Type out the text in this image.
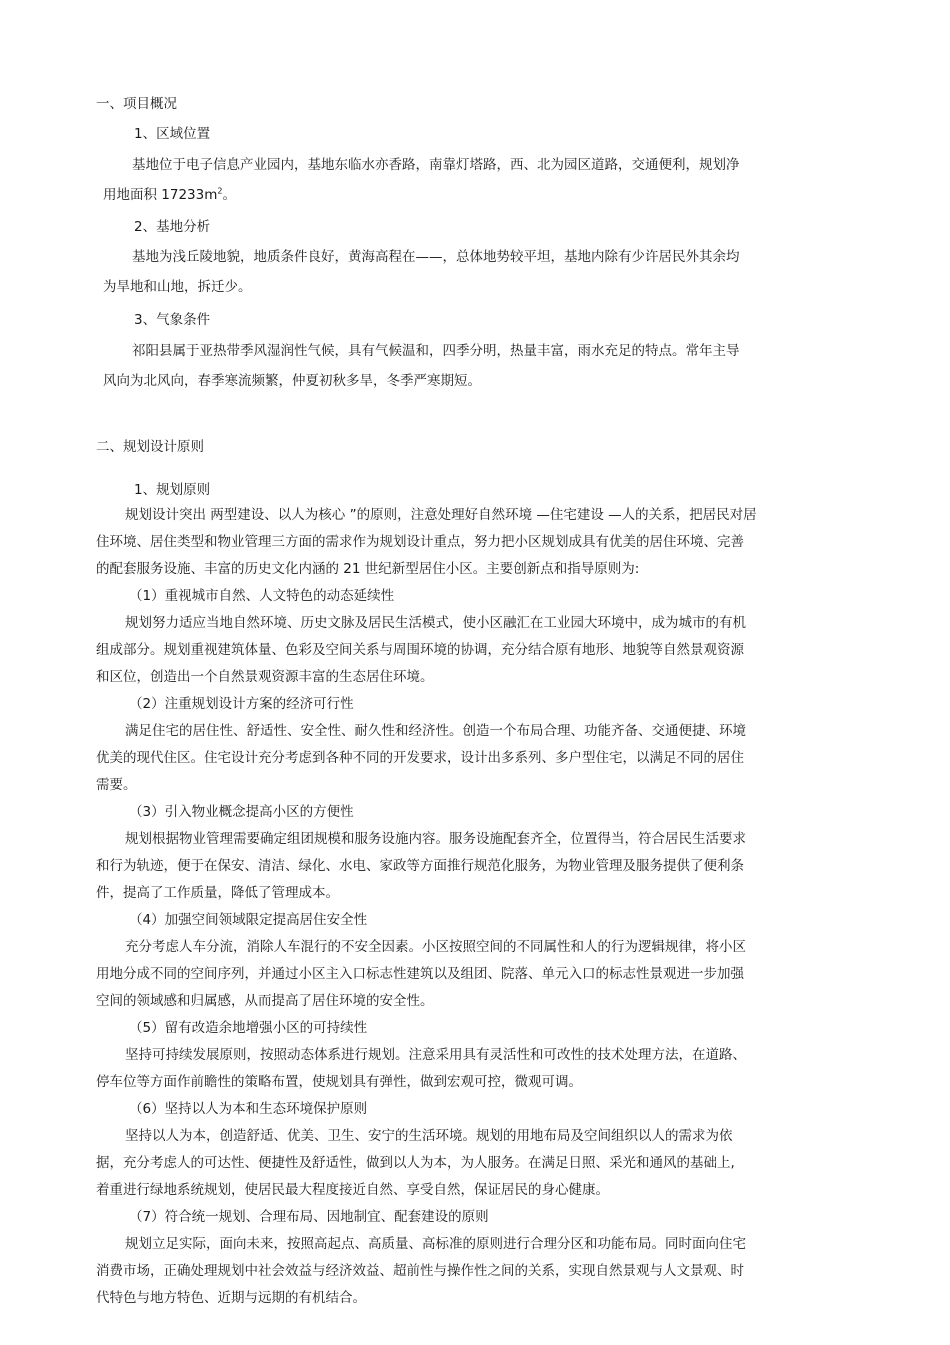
一、项目概况
1、区域位置
基地位于电子信息产业园内，基地东临水亦香路，南靠灯塔路，西、北为园区道路，交通便利，规划净
用地面积 $17233m^2$。
2、基地分析
基地为浅丘陵地貌，地质条件良好，黄海高程在——，总体地势较平坦，基地内除有少许居民外其余均
为旱地和山地，拆迁少。
3、气象条件
祁阳县属于亚热带季风湿润性气候，具有气候温和，四季分明，热量丰富，雨水充足的特点。常年主导
风向为北风向，春季寒流频繁，仲夏初秋多旱，冬季严寒期短。
二、规划设计原则
1、规划原则
规划设计突出 两型建设、以人为核心 ”的原则，注意处理好自然环境 —住宅建设 —人的关系，把居民对居
住环境、居住类型和物业管理三方面的需求作为规划设计重点，努力把小区规划成具有优美的居住环境、完善
的配套服务设施、丰富的历史文化内涵的 21 世纪新型居住小区。主要创新点和指导原则为:
（1）重视城市自然、人文特色的动态延续性
规划努力适应当地自然环境、历史文脉及居民生活模式，使小区融汇在工业园大环境中，成为城市的有机
组成部分。规划重视建筑体量、色彩及空间关系与周围环境的协调，充分结合原有地形、地貌等自然景观资源
和区位，创造出一个自然景观资源丰富的生态居住环境。
（2）注重规划设计方案的经济可行性
满足住宅的居住性、舒适性、安全性、耐久性和经济性。创造一个布局合理、功能齐备、交通便捷、环境
优美的现代住区。住宅设计充分考虑到各种不同的开发要求，设计出多系列、多户型住宅，以满足不同的居住
需要。
（3）引入物业概念提高小区的方便性
规划根据物业管理需要确定组团规模和服务设施内容。服务设施配套齐全，位置得当，符合居民生活要求
和行为轨迹，便于在保安、清洁、绿化、水电、家政等方面推行规范化服务，为物业管理及服务提供了便利条
件，提高了工作质量，降低了管理成本。
（4）加强空间领域限定提高居住安全性
充分考虑人车分流，消除人车混行的不安全因素。小区按照空间的不同属性和人的行为逻辑规律，将小区
用地分成不同的空间序列，并通过小区主入口标志性建筑以及组团、院落、单元入口的标志性景观进一步加强
空间的领域感和归属感，从而提高了居住环境的安全性。
（5）留有改造余地增强小区的可持续性
坚持可持续发展原则，按照动态体系进行规划。注意采用具有灵活性和可改性的技术处理方法，在道路、
停车位等方面作前瞻性的策略布置，使规划具有弹性，做到宏观可控，微观可调。
（6）坚持以人为本和生态环境保护原则
坚持以人为本，创造舒适、优美、卫生、安宁的生活环境。规划的用地布局及空间组织以人的需求为依
据，充分考虑人的可达性、便捷性及舒适性，做到以人为本，为人服务。在满足日照、采光和通风的基础上,
着重进行绿地系统规划，使居民最大程度接近自然、享受自然，保证居民的身心健康。
（7）符合统一规划、合理布局、因地制宜、配套建设的原则
规划立足实际，面向未来，按照高起点、高质量、高标准的原则进行合理分区和功能布局。同时面向住宅
消费市场，正确处理规划中社会效益与经济效益、超前性与操作性之间的关系，实现自然景观与人文景观、时
代特色与地方特色、近期与远期的有机结合。
